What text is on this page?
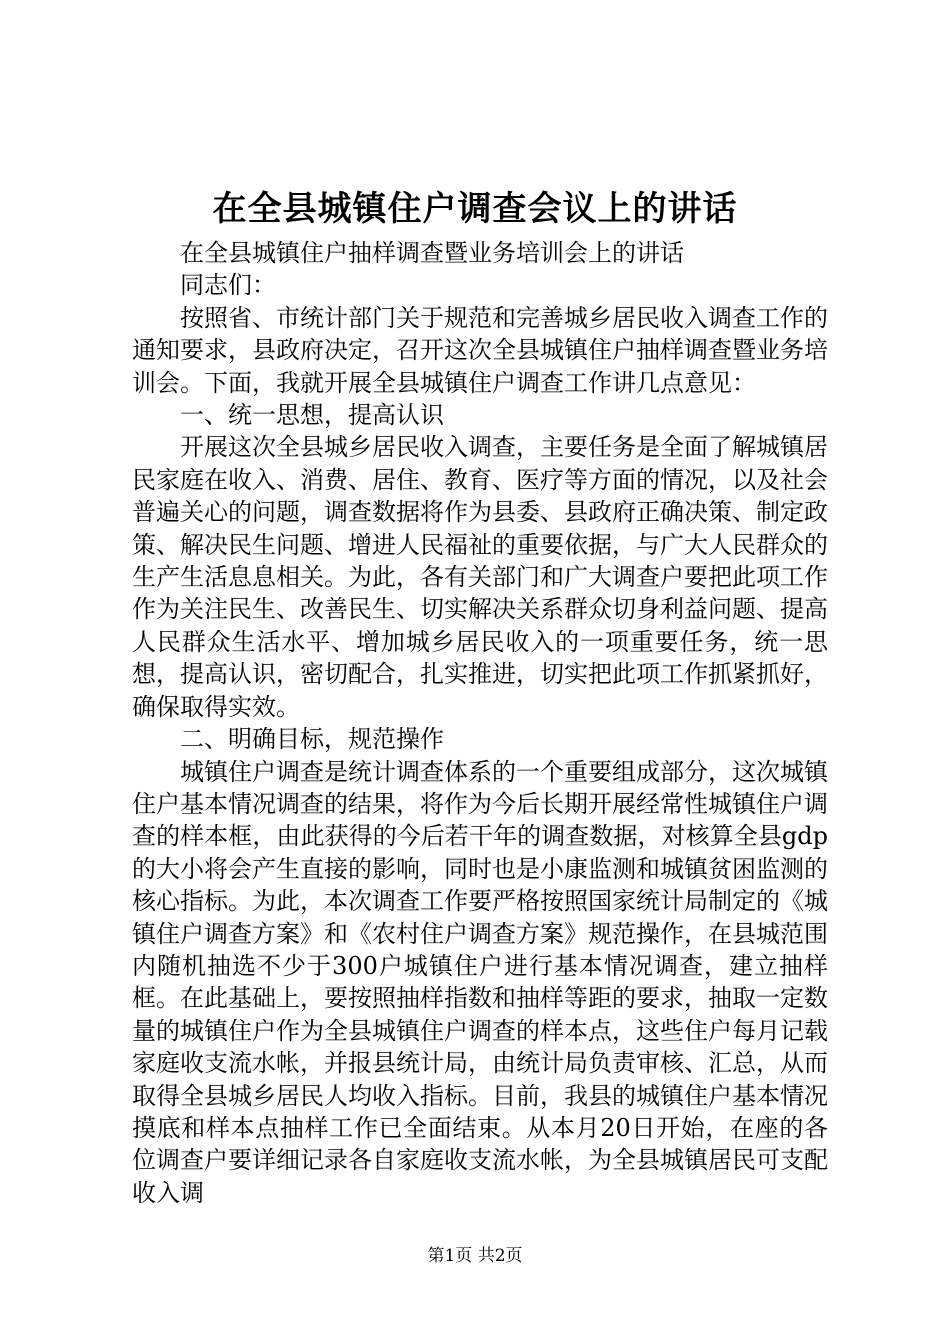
在全县城镇住户调查会议上的讲话

在全县城镇住户抽样调查暨业务培训会上的讲话

同志们：

按照省、市统计部门关于规范和完善城乡居民收入调查工作的通知要求，县政府决定，召开这次全县城镇住户抽样调查暨业务培训会。下面，我就开展全县城镇住户调查工作讲几点意见：

一、统一思想，提高认识

开展这次全县城乡居民收入调查，主要任务是全面了解城镇居民家庭在收入、消费、居住、教育、医疗等方面的情况，以及社会普遍关心的问题，调查数据将作为县委、县政府正确决策、制定政策、解决民生问题、增进人民福祉的重要依据，与广大人民群众的生产生活息息相关。为此，各有关部门和广大调查户要把此项工作作为关注民生、改善民生、切实解决关系群众切身利益问题、提高人民群众生活水平、增加城乡居民收入的一项重要任务，统一思想，提高认识，密切配合，扎实推进，切实把此项工作抓紧抓好，确保取得实效。

二、明确目标，规范操作

城镇住户调查是统计调查体系的一个重要组成部分，这次城镇住户基本情况调查的结果，将作为今后长期开展经常性城镇住户调查的样本框，由此获得的今后若干年的调查数据，对核算全县gdp的大小将会产生直接的影响，同时也是小康监测和城镇贫困监测的核心指标。为此，本次调查工作要严格按照国家统计局制定的《城镇住户调查方案》和《农村住户调查方案》规范操作，在县城范围内随机抽选不少于300户城镇住户进行基本情况调查，建立抽样框。在此基础上，要按照抽样指数和抽样等距的要求，抽取一定数量的城镇住户作为全县城镇住户调查的样本点，这些住户每月记载家庭收支流水帐，并报县统计局，由统计局负责审核、汇总，从而取得全县城乡居民人均收入指标。目前，我县的城镇住户基本情况摸底和样本点抽样工作已全面结束。从本月20日开始，在座的各位调查户要详细记录各自家庭收支流水帐，为全县城镇居民可支配收入调

第1页 共2页
